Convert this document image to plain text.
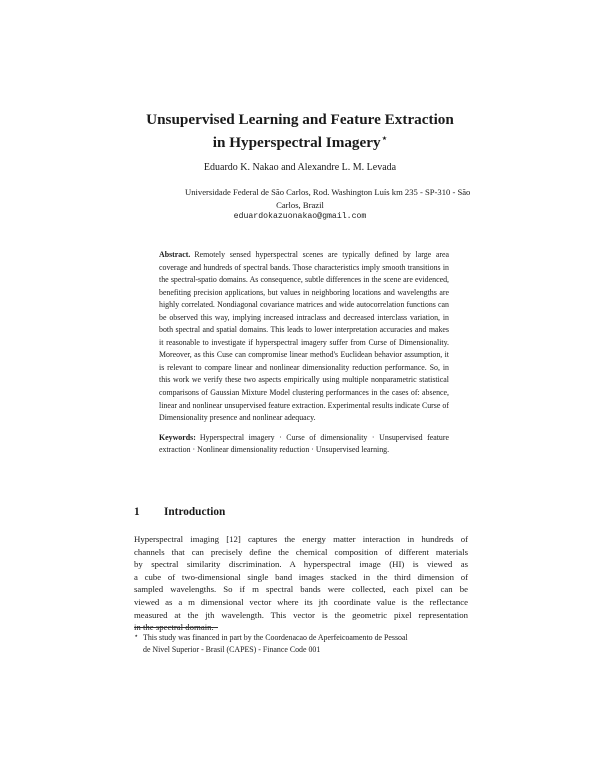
Unsupervised Learning and Feature Extraction
in Hyperspectral Imagery⋆
Eduardo K. Nakao and Alexandre L. M. Levada
Universidade Federal de São Carlos, Rod. Washington Luís km 235 - SP-310 - São
Carlos, Brazil
eduardokazuonakao@gmail.com

Abstract. Remotely sensed hyperspectral scenes are typically defined by large area coverage and hundreds of spectral bands. Those characteristics imply smooth transitions in the spectral-spatio domains. As consequence, subtle differences in the scene are evidenced, benefiting precision applications, but values in neighboring locations and wavelengths are highly correlated. Nondiagonal covariance matrices and wide autocorrelation functions can be observed this way, implying increased intraclass and decreased interclass variation, in both spectral and spatial domains. This leads to lower interpretation accuracies and makes it reasonable to investigate if hyperspectral imagery suffer from Curse of Dimensionality. Moreover, as this Cuse can compromise linear method's Euclidean behavior assumption, it is relevant to compare linear and nonlinear dimensionality reduction performance. So, in this work we verify these two aspects empirically using multiple nonparametric statistical comparisons of Gaussian Mixture Model clustering performances in the cases of: absence, linear and nonlinear unsupervised feature extraction. Experimental results indicate Curse of Dimensionality presence and nonlinear adequacy.

Keywords: Hyperspectral imagery · Curse of dimensionality · Unsupervised feature extraction · Nonlinear dimensionality reduction · Unsupervised learning.

1 Introduction

Hyperspectral imaging [12] captures the energy matter interaction in hundreds of
channels that can precisely define the chemical composition of different materials
by spectral similarity discrimination. A hyperspectral image (HI) is viewed as
a cube of two-dimensional single band images stacked in the third dimension of
sampled wavelengths. So if m spectral bands were collected, each pixel can be
viewed as a m dimensional vector where its jth coordinate value is the reflectance
measured at the jth wavelength. This vector is the geometric pixel representation
in the spectral domain.

⋆ This study was financed in part by the Coordenacao de Aperfeicoamento de Pessoal
de Nivel Superior - Brasil (CAPES) - Finance Code 001
